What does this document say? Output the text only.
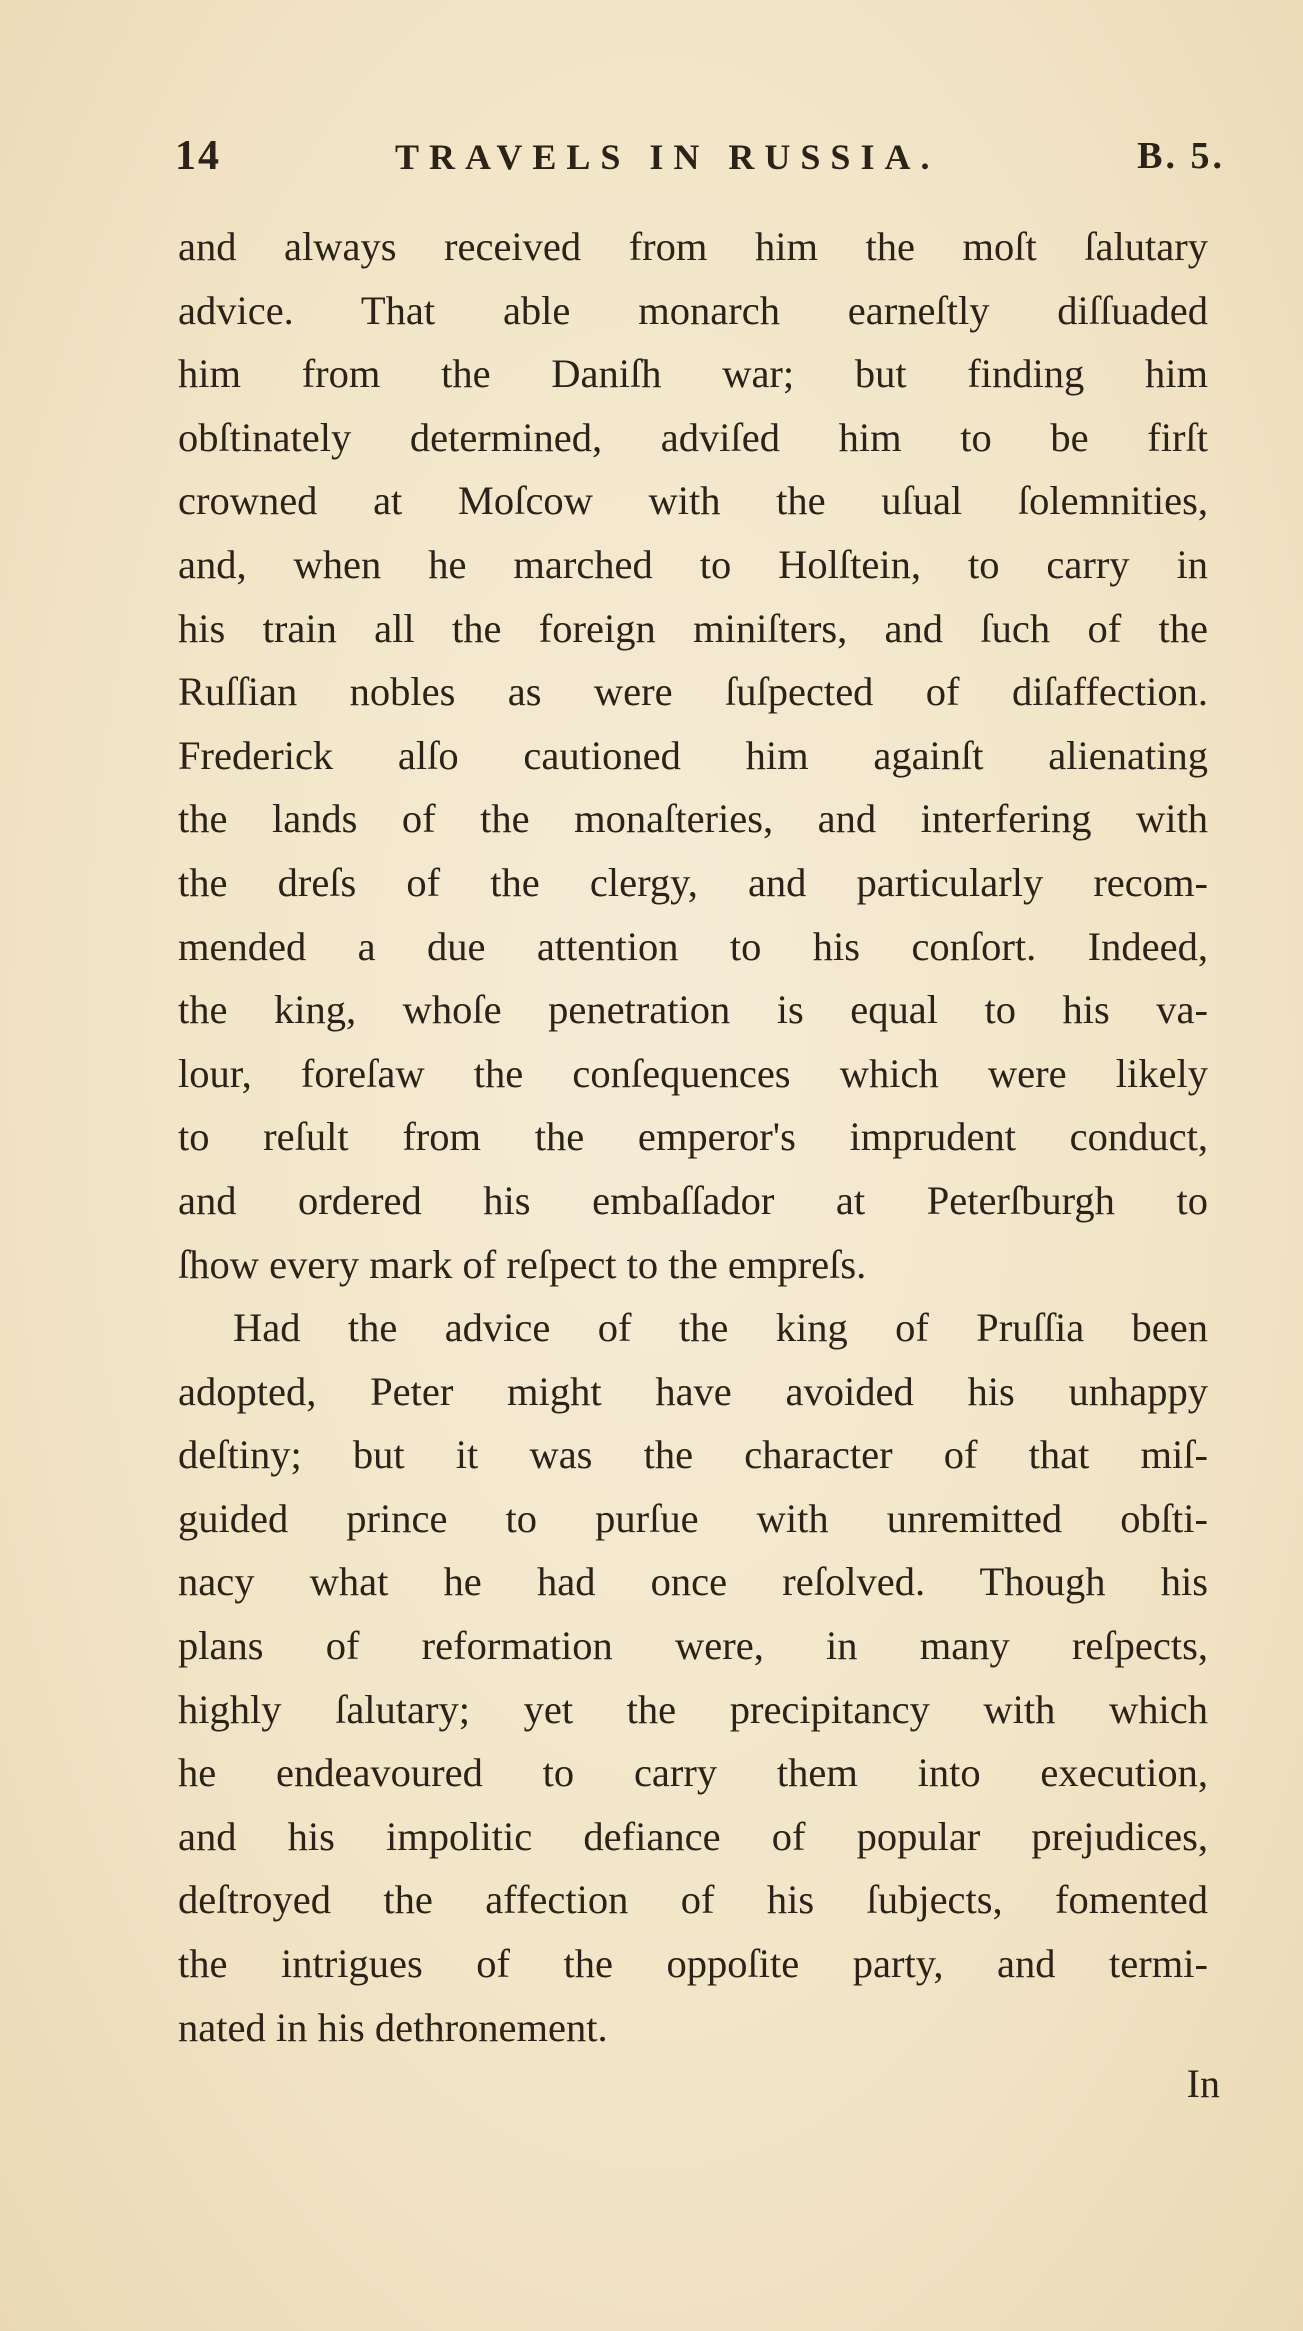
14	TRAVELS IN RUSSIA.	B. 5.
and always received from him the moſt ſalutary
advice. That able monarch earneſtly diſſuaded
him from the Daniſh war; but finding him
obſtinately determined, adviſed him to be firſt
crowned at Moſcow with the uſual ſolemnities,
and, when he marched to Holſtein, to carry in
his train all the foreign miniſters, and ſuch of the
Ruſſian nobles as were ſuſpected of diſaffection.
Frederick alſo cautioned him againſt alienating
the lands of the monaſteries, and interfering with
the dreſs of the clergy, and particularly recom-
mended a due attention to his conſort. Indeed,
the king, whoſe penetration is equal to his va-
lour, foreſaw the conſequences which were likely
to reſult from the emperor's imprudent conduct,
and ordered his embaſſador at Peterſburgh to
ſhow every mark of reſpect to the empreſs.
Had the advice of the king of Pruſſia been
adopted, Peter might have avoided his unhappy
deſtiny; but it was the character of that miſ-
guided prince to purſue with unremitted obſti-
nacy what he had once reſolved. Though his
plans of reformation were, in many reſpects,
highly ſalutary; yet the precipitancy with which
he endeavoured to carry them into execution,
and his impolitic defiance of popular prejudices,
deſtroyed the affection of his ſubjects, fomented
the intrigues of the oppoſite party, and termi-
nated in his dethronement.
In
